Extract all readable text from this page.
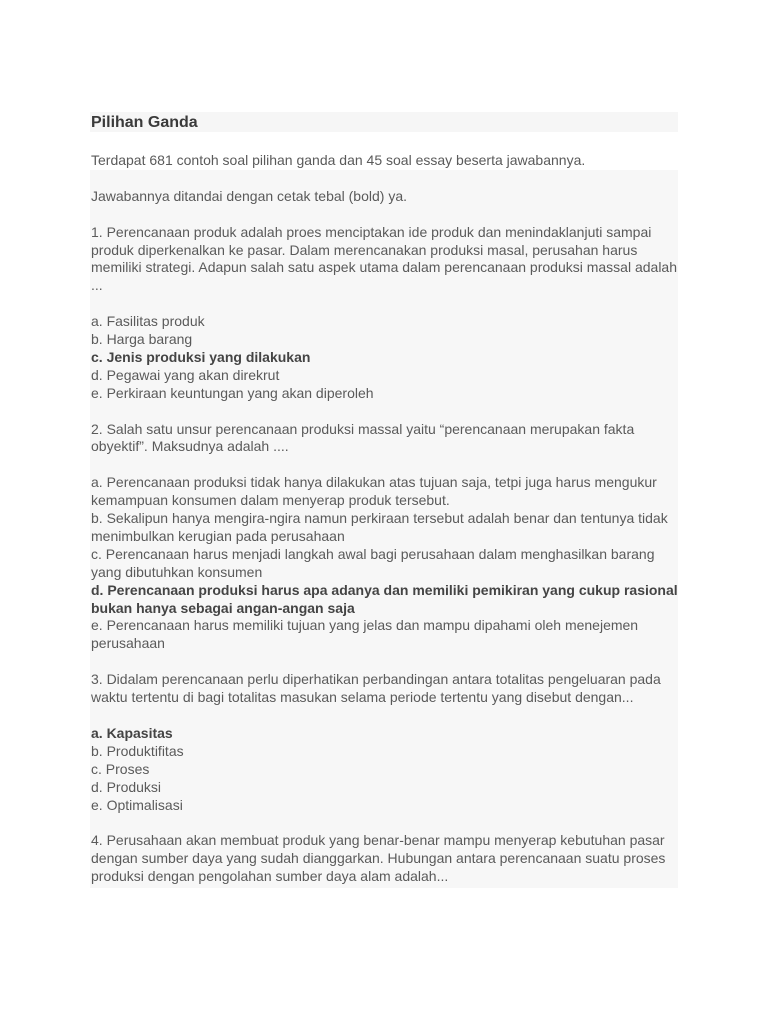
Pilihan Ganda

Terdapat 681 contoh soal pilihan ganda dan 45 soal essay beserta jawabannya.

Jawabannya ditandai dengan cetak tebal (bold) ya.

1. Perencanaan produk adalah proes menciptakan ide produk dan menindaklanjuti sampai produk diperkenalkan ke pasar. Dalam merencanakan produksi masal, perusahan harus memiliki strategi. Adapun salah satu aspek utama dalam perencanaan produksi massal adalah ...

a. Fasilitas produk

b. Harga barang

c. Jenis produksi yang dilakukan

d. Pegawai yang akan direkrut

e. Perkiraan keuntungan yang akan diperoleh

2. Salah satu unsur perencanaan produksi massal yaitu “perencanaan merupakan fakta obyektif”. Maksudnya adalah ....

a. Perencanaan produksi tidak hanya dilakukan atas tujuan saja, tetpi juga harus mengukur kemampuan konsumen dalam menyerap produk tersebut.

b. Sekalipun hanya mengira-ngira namun perkiraan tersebut adalah benar dan tentunya tidak menimbulkan kerugian pada perusahaan

c. Perencanaan harus menjadi langkah awal bagi perusahaan dalam menghasilkan barang yang dibutuhkan konsumen

d. Perencanaan produksi harus apa adanya dan memiliki pemikiran yang cukup rasional bukan hanya sebagai angan-angan saja

e. Perencanaan harus memiliki tujuan yang jelas dan mampu dipahami oleh menejemen perusahaan

3. Didalam perencanaan perlu diperhatikan perbandingan antara totalitas pengeluaran pada waktu tertentu di bagi totalitas masukan selama periode tertentu yang disebut dengan...

a. Kapasitas

b. Produktifitas

c. Proses

d. Produksi

e. Optimalisasi

4. Perusahaan akan membuat produk yang benar-benar mampu menyerap kebutuhan pasar dengan sumber daya yang sudah dianggarkan. Hubungan antara perencanaan suatu proses produksi dengan pengolahan sumber daya alam adalah...
